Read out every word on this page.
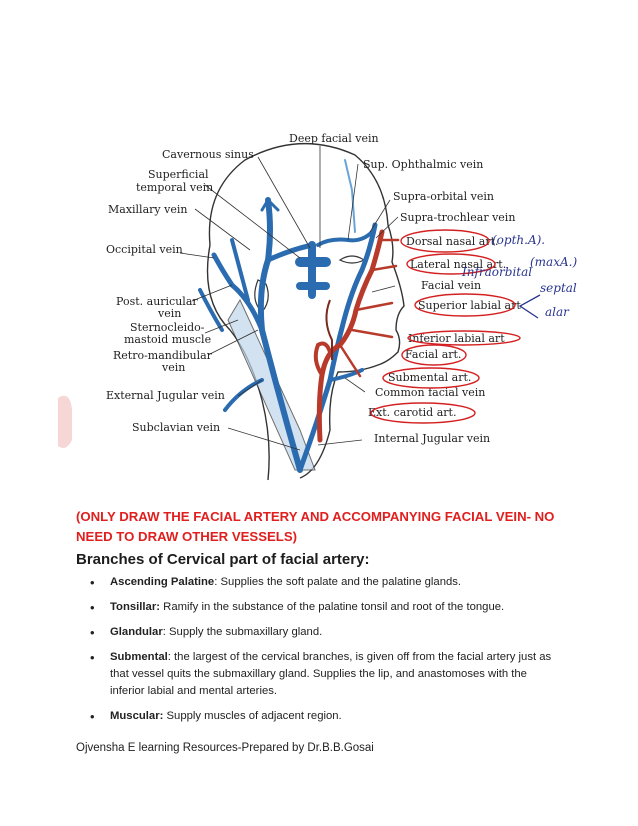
Cavernous sinus
Superficial
temporal vein
Maxillary vein
Occipital vein
Post. auricular
vein
Sternocleido-
mastoid muscle
Retro-mandibular
vein
External Jugular vein
Subclavian vein
Deep facial vein
Sup. Ophthalmic vein
Supra-orbital vein
Supra-trochlear vein
Dorsal nasal art.
Lateral nasal art.
Facial vein
Superior labial art
Inferior labial art
Facial art.
Submental art.
Common facial vein
Ext. carotid art.
Internal Jugular vein
(opth.A).
Infraorbital
(maxA.)
septal
alar
(ONLY DRAW THE FACIAL ARTERY AND ACCOMPANYING FACIAL VEIN- NO NEED TO DRAW OTHER VESSELS)
Branches of Cervical part of facial artery:
• Ascending Palatine: Supplies the soft palate and the palatine glands.
• Tonsillar: Ramify in the substance of the palatine tonsil and root of the tongue.
• Glandular: Supply the submaxillary gland.
• Submental: the largest of the cervical branches, is given off from the facial artery just as that vessel quits the submaxillary gland. Supplies the lip, and anastomoses with the inferior labial and mental arteries.
• Muscular: Supply muscles of adjacent region.
Ojvensha E learning Resources-Prepared by Dr.B.B.Gosai
